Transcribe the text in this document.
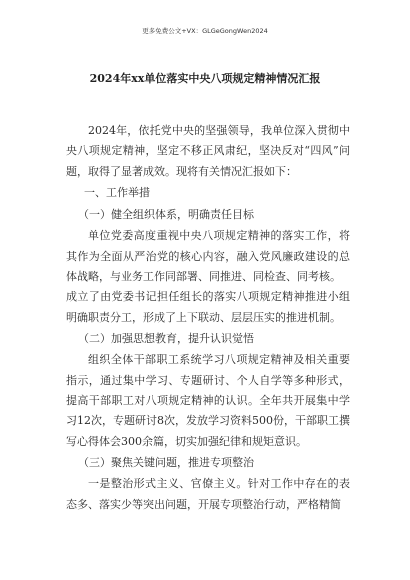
更多免费公文+VX：GLGeGongWen2024
2024年xx单位落实中央八项规定精神情况汇报

2024年，依托党中央的坚强领导，我单位深入贯彻中央八项规定精神，坚定不移正风肃纪，坚决反对“四风”问题，取得了显著成效。现将有关情况汇报如下：

一、工作举措

（一）健全组织体系，明确责任目标

单位党委高度重视中央八项规定精神的落实工作，将其作为全面从严治党的核心内容，融入党风廉政建设的总体战略，与业务工作同部署、同推进、同检查、同考核。

成立了由党委书记担任组长的落实八项规定精神推进小组明确职责分工，形成了上下联动、层层压实的推进机制。

（二）加强思想教育，提升认识觉悟

组织全体干部职工系统学习八项规定精神及相关重要指示，通过集中学习、专题研讨、个人自学等多种形式，提高干部职工对八项规定精神的认识。全年共开展集中学习12次，专题研讨8次，发放学习资料500份，干部职工撰写心得体会300余篇，切实加强纪律和规矩意识。

（三）聚焦关键问题，推进专项整治

一是整治形式主义、官僚主义。针对工作中存在的表态多、落实少等突出问题，开展专项整治行动，严格精简
